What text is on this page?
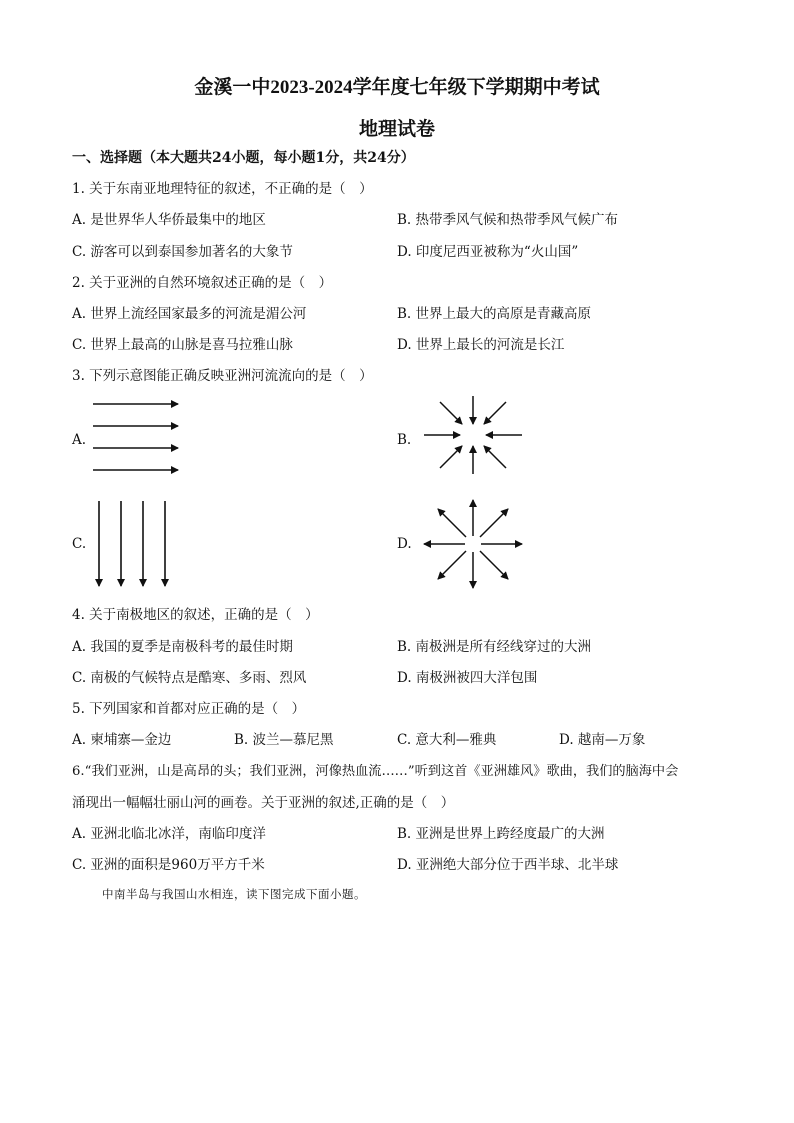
金溪一中2023-2024学年度七年级下学期期中考试
地理试卷
一、选择题（本大题共24小题，每小题1分，共24分）
1. 关于东南亚地理特征的叙述，不正确的是（　）
A. 是世界华人华侨最集中的地区	B. 热带季风气候和热带季风气候广布
C. 游客可以到泰国参加著名的大象节	D. 印度尼西亚被称为“火山国”
2. 关于亚洲的自然环境叙述正确的是（　）
A. 世界上流经国家最多的河流是湄公河	B. 世界上最大的高原是青藏高原
C. 世界上最高的山脉是喜马拉雅山脉	D. 世界上最长的河流是长江
3. 下列示意图能正确反映亚洲河流流向的是（　）
A.	B.
C.	D.
4. 关于南极地区的叙述，正确的是（　）
A. 我国的夏季是南极科考的最佳时期	B. 南极洲是所有经线穿过的大洲
C. 南极的气候特点是酷寒、多雨、烈风	D. 南极洲被四大洋包围
5. 下列国家和首都对应正确的是（　）
A. 柬埔寨—金边	B. 波兰—慕尼黑	C. 意大利—雅典	D. 越南—万象
6.“我们亚洲，山是高昂的头；我们亚洲，河像热血流……”听到这首《亚洲雄风》歌曲，我们的脑海中会
涌现出一幅幅壮丽山河的画卷。关于亚洲的叙述,正确的是（　）
A. 亚洲北临北冰洋，南临印度洋	B. 亚洲是世界上跨经度最广的大洲
C. 亚洲的面积是960万平方千米	D. 亚洲绝大部分位于西半球、北半球
中南半岛与我国山水相连，读下图完成下面小题。
